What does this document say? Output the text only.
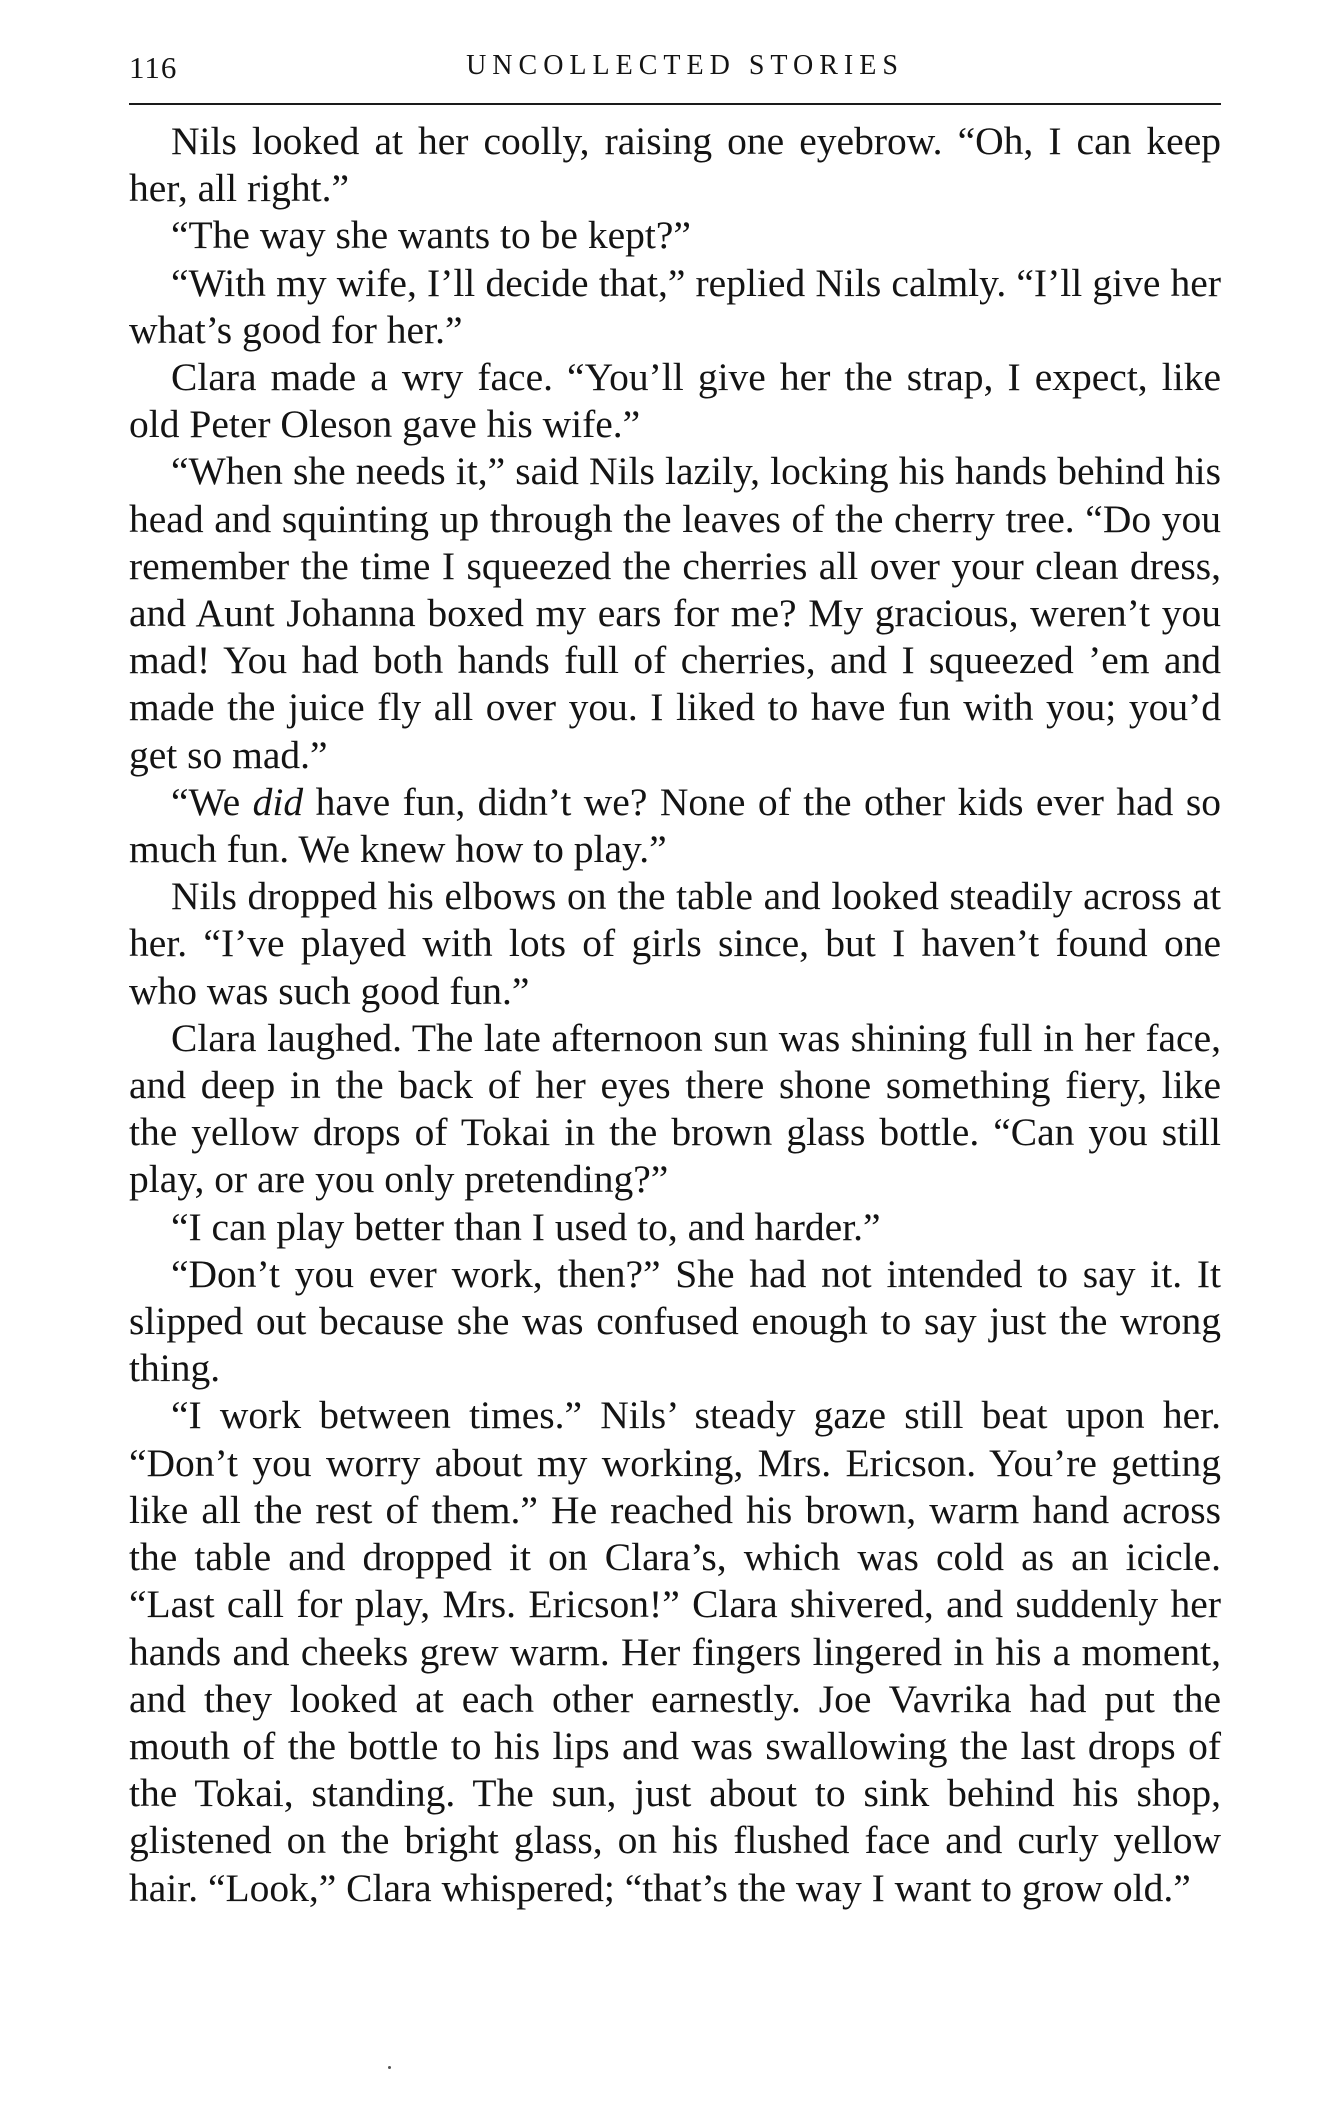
116	UNCOLLECTED STORIES

Nils looked at her coolly, raising one eyebrow. “Oh, I can keep her, all right.”

“The way she wants to be kept?”

“With my wife, I’ll decide that,” replied Nils calmly. “I’ll give her what’s good for her.”

Clara made a wry face. “You’ll give her the strap, I expect, like old Peter Oleson gave his wife.”

“When she needs it,” said Nils lazily, locking his hands behind his head and squinting up through the leaves of the cherry tree. “Do you remember the time I squeezed the cherries all over your clean dress, and Aunt Johanna boxed my ears for me? My gracious, weren’t you mad! You had both hands full of cherries, and I squeezed ’em and made the juice fly all over you. I liked to have fun with you; you’d get so mad.”

“We did have fun, didn’t we? None of the other kids ever had so much fun. We knew how to play.”

Nils dropped his elbows on the table and looked steadily across at her. “I’ve played with lots of girls since, but I haven’t found one who was such good fun.”

Clara laughed. The late afternoon sun was shining full in her face, and deep in the back of her eyes there shone something fiery, like the yellow drops of Tokai in the brown glass bottle. “Can you still play, or are you only pretending?”

“I can play better than I used to, and harder.”

“Don’t you ever work, then?” She had not intended to say it. It slipped out because she was confused enough to say just the wrong thing.

“I work between times.” Nils’ steady gaze still beat upon her. “Don’t you worry about my working, Mrs. Ericson. You’re getting like all the rest of them.” He reached his brown, warm hand across the table and dropped it on Clara’s, which was cold as an icicle. “Last call for play, Mrs. Ericson!” Clara shivered, and suddenly her hands and cheeks grew warm. Her fingers lingered in his a moment, and they looked at each other earnestly. Joe Vavrika had put the mouth of the bottle to his lips and was swallowing the last drops of the Tokai, standing. The sun, just about to sink behind his shop, glistened on the bright glass, on his flushed face and curly yellow hair. “Look,” Clara whispered; “that’s the way I want to grow old.”
